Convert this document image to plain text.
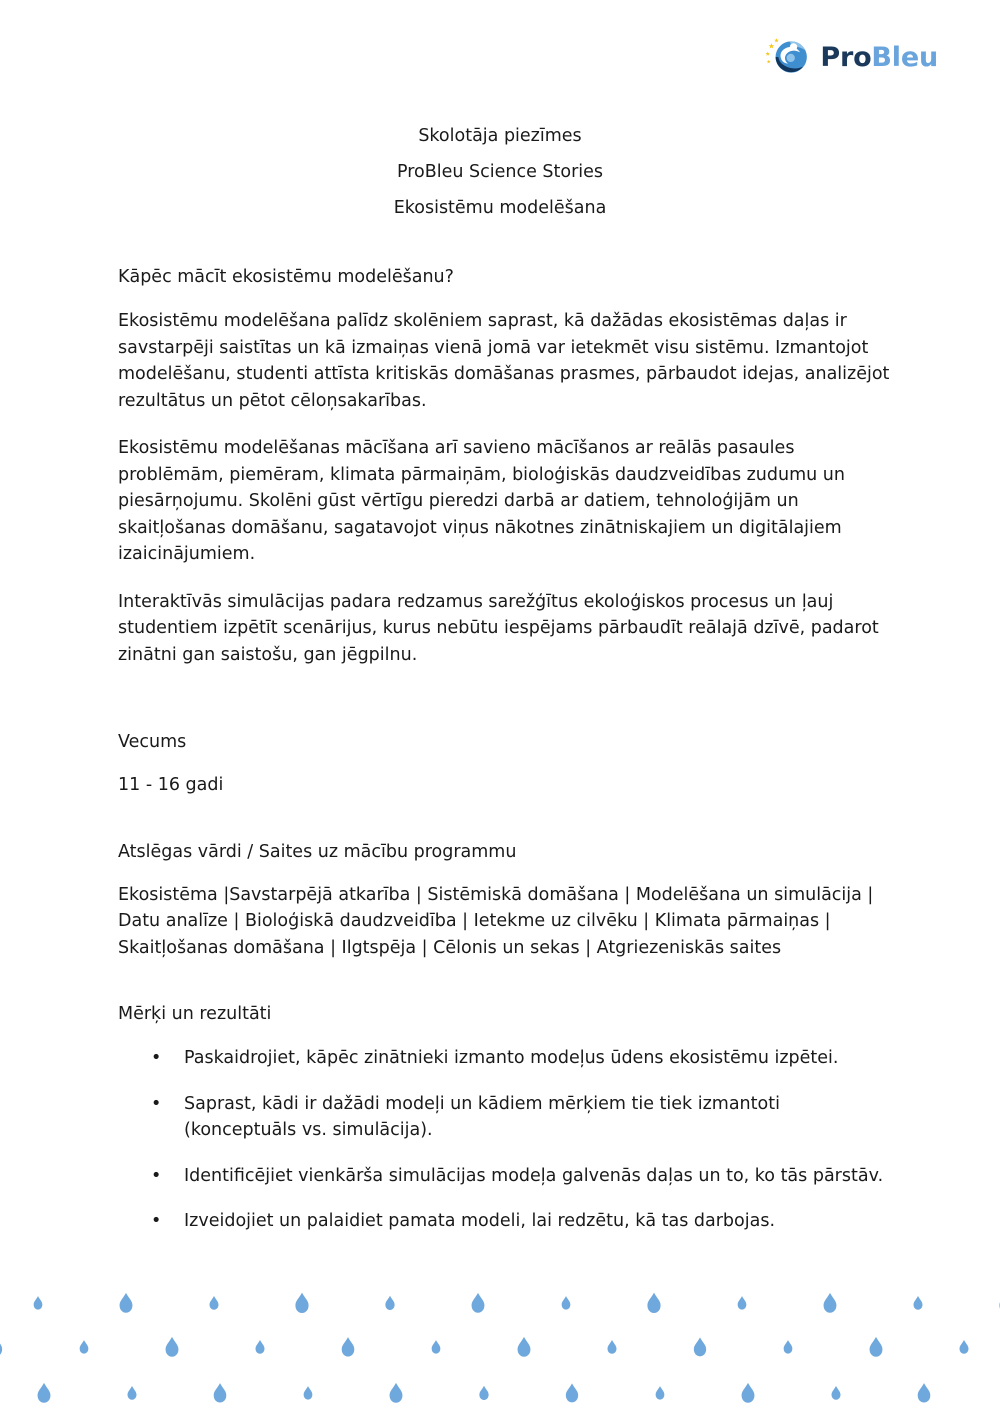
ProBleu
Skolotāja piezīmes
ProBleu Science Stories
Ekosistēmu modelēšana
Kāpēc mācīt ekosistēmu modelēšanu?

Ekosistēmu modelēšana palīdz skolēniem saprast, kā dažādas ekosistēmas daļas ir savstarpēji saistītas un kā izmaiņas vienā jomā var ietekmēt visu sistēmu. Izmantojot modelēšanu, studenti attīsta kritiskās domāšanas prasmes, pārbaudot idejas, analizējot rezultātus un pētot cēloņsakarības.

Ekosistēmu modelēšanas mācīšana arī savieno mācīšanos ar reālās pasaules problēmām, piemēram, klimata pārmaiņām, bioloģiskās daudzveidības zudumu un piesārņojumu. Skolēni gūst vērtīgu pieredzi darbā ar datiem, tehnoloģijām un skaitļošanas domāšanu, sagatavojot viņus nākotnes zinātniskajiem un digitālajiem izaicinājumiem.

Interaktīvās simulācijas padara redzamus sarežģītus ekoloģiskos procesus un ļauj studentiem izpētīt scenārijus, kurus nebūtu iespējams pārbaudīt reālajā dzīvē, padarot zinātni gan saistošu, gan jēgpilnu.

Vecums
11 - 16 gadi
Atslēgas vārdi / Saites uz mācību programmu
Ekosistēma |Savstarpējā atkarība | Sistēmiskā domāšana | Modelēšana un simulācija | Datu analīze | Bioloģiskā daudzveidība | Ietekme uz cilvēku | Klimata pārmaiņas | Skaitļošanas domāšana | Ilgtspēja | Cēlonis un sekas | Atgriezeniskās saites
Mērķi un rezultāti
• Paskaidrojiet, kāpēc zinātnieki izmanto modeļus ūdens ekosistēmu izpētei.
• Saprast, kādi ir dažādi modeļi un kādiem mērķiem tie tiek izmantoti (konceptuāls vs. simulācija).
• Identificējiet vienkārša simulācijas modeļa galvenās daļas un to, ko tās pārstāv.
• Izveidojiet un palaidiet pamata modeli, lai redzētu, kā tas darbojas.
